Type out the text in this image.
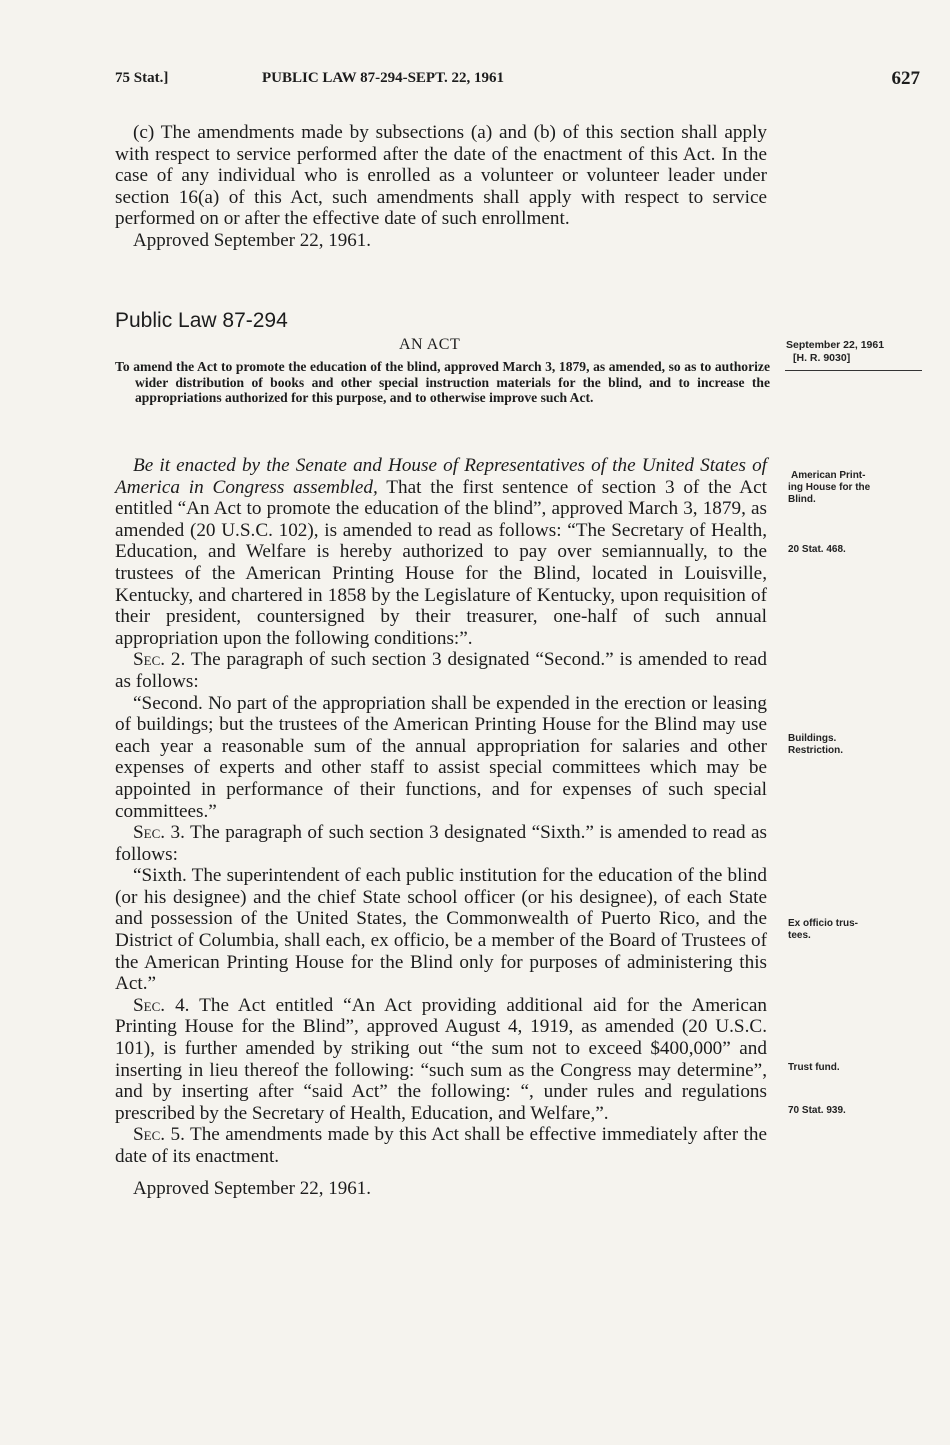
75 Stat.]	PUBLIC LAW 87-294-SEPT. 22, 1961	627

(c) The amendments made by subsections (a) and (b) of this section shall apply with respect to service performed after the date of the enactment of this Act. In the case of any individual who is enrolled as a volunteer or volunteer leader under section 16(a) of this Act, such amendments shall apply with respect to service performed on or after the effective date of such enrollment.

Approved September 22, 1961.

Public Law 87-294
AN ACT
To amend the Act to promote the education of the blind, approved March 3, 1879, as amended, so as to authorize wider distribution of books and other special instruction materials for the blind, and to increase the appropriations authorized for this purpose, and to otherwise improve such Act.

Be it enacted by the Senate and House of Representatives of the United States of America in Congress assembled, That the first sentence of section 3 of the Act entitled “An Act to promote the education of the blind”, approved March 3, 1879, as amended (20 U.S.C. 102), is amended to read as follows: “The Secretary of Health, Education, and Welfare is hereby authorized to pay over semiannually, to the trustees of the American Printing House for the Blind, located in Louisville, Kentucky, and chartered in 1858 by the Legislature of Kentucky, upon requisition of their president, countersigned by their treasurer, one-half of such annual appropriation upon the following conditions:”.

Sec. 2. The paragraph of such section 3 designated “Second.” is amended to read as follows:

“Second. No part of the appropriation shall be expended in the erection or leasing of buildings; but the trustees of the American Printing House for the Blind may use each year a reasonable sum of the annual appropriation for salaries and other expenses of experts and other staff to assist special committees which may be appointed in performance of their functions, and for expenses of such special committees.”

Sec. 3. The paragraph of such section 3 designated “Sixth.” is amended to read as follows:

“Sixth. The superintendent of each public institution for the education of the blind (or his designee) and the chief State school officer (or his designee), of each State and possession of the United States, the Commonwealth of Puerto Rico, and the District of Columbia, shall each, ex officio, be a member of the Board of Trustees of the American Printing House for the Blind only for purposes of administering this Act.”

Sec. 4. The Act entitled “An Act providing additional aid for the American Printing House for the Blind”, approved August 4, 1919, as amended (20 U.S.C. 101), is further amended by striking out “the sum not to exceed $400,000” and inserting in lieu thereof the following: “such sum as the Congress may determine”, and by inserting after “said Act” the following: “, under rules and regulations prescribed by the Secretary of Health, Education, and Welfare,”.

Sec. 5. The amendments made by this Act shall be effective immediately after the date of its enactment.

Approved September 22, 1961.

September 22, 1961
[H. R. 9030]
American Print-
ing House for the
Blind.
20 Stat. 468.
Buildings.
Restriction.
Ex officio trus-
tees.
Trust fund.
70 Stat. 939.
